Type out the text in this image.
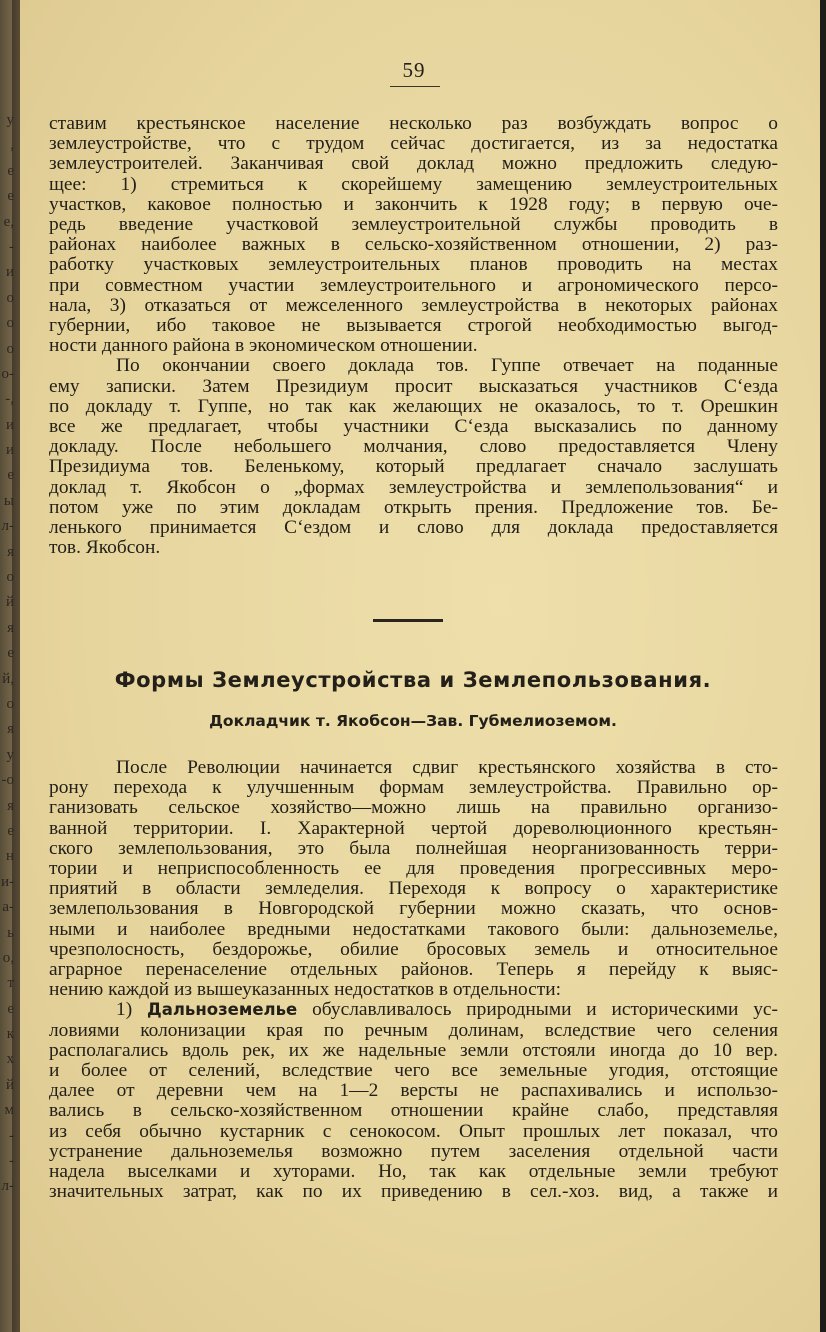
у
,
е
е
е,
-
и
о
о
о
о-
-,
и
и
е
ы
л-
я
о
й
я
е
й,
о
я
у
-о
я
е
н
и-
а-
ь
о,
т
е
к
х
й
м
-
-
л-
59

ставим крестьянское население несколько раз возбуждать вопрос о
землеустройстве, что с трудом сейчас достигается, из за недостатка
землеустроителей. Заканчивая свой доклад можно предложить следую-
щее: 1) стремиться к скорейшему замещению землеустроительных
участков, каковое полностью и закончить к 1928 году; в первую оче-
редь введение участковой землеустроительной службы проводить в
районах наиболее важных в сельско-хозяйственном отношении, 2) раз-
работку участковых землеустроительных планов проводить на местах
при совместном участии землеустроительного и агрономического персо-
нала, 3) отказаться от межселенного землеустройства в некоторых районах
губернии, ибо таковое не вызывается строгой необходимостью выгод-
ности данного района в экономическом отношении.

По окончании своего доклада тов. Гуппе отвечает на поданные
ему записки. Затем Президиум просит высказаться участников С‘езда
по докладу т. Гуппе, но так как желающих не оказалось, то т. Орешкин
все же предлагает, чтобы участники С‘езда высказались по данному
докладу. После небольшего молчания, слово предоставляется Члену
Президиума тов. Беленькому, который предлагает сначало заслушать
доклад т. Якобсон о „формах землеустройства и землепользования“ и
потом уже по этим докладам открыть прения. Предложение тов. Бе-
ленького принимается С‘ездом и слово для доклада предоставляется
тов. Якобсон.

Формы Землеустройства и Землепользования.
Докладчик т. Якобсон—Зав. Губмелиоземом.

После Революции начинается сдвиг крестьянского хозяйства в сто-
рону перехода к улучшенным формам землеустройства. Правильно ор-
ганизовать сельское хозяйство—можно лишь на правильно организо-
ванной территории. I. Характерной чертой дореволюционного крестьян-
ского землепользования, это была полнейшая неорганизованность терри-
тории и неприспособленность ее для проведения прогрессивных меро-
приятий в области земледелия. Переходя к вопросу о характеристике
землепользования в Новгородской губернии можно сказать, что основ-
ными и наиболее вредными недостатками такового были: дальноземелье,
чрезполосность, бездорожье, обилие бросовых земель и относительное
аграрное перенаселение отдельных районов. Теперь я перейду к выяс-
нению каждой из вышеуказанных недостатков в отдельности:

1) Дальноземелье обуславливалось природными и историческими ус-
ловиями колонизации края по речным долинам, вследствие чего селения
располагались вдоль рек, их же надельные земли отстояли иногда до 10 вер.
и более от селений, вследствие чего все земельные угодия, отстоящие
далее от деревни чем на 1—2 версты не распахивались и использо-
вались в сельско-хозяйственном отношении крайне слабо, представляя
из себя обычно кустарник с сенокосом. Опыт прошлых лет показал, что
устранение дальноземелья возможно путем заселения отдельной части
надела выселками и хуторами. Но, так как отдельные земли требуют
значительных затрат, как по их приведению в сел.-хоз. вид, а также и
